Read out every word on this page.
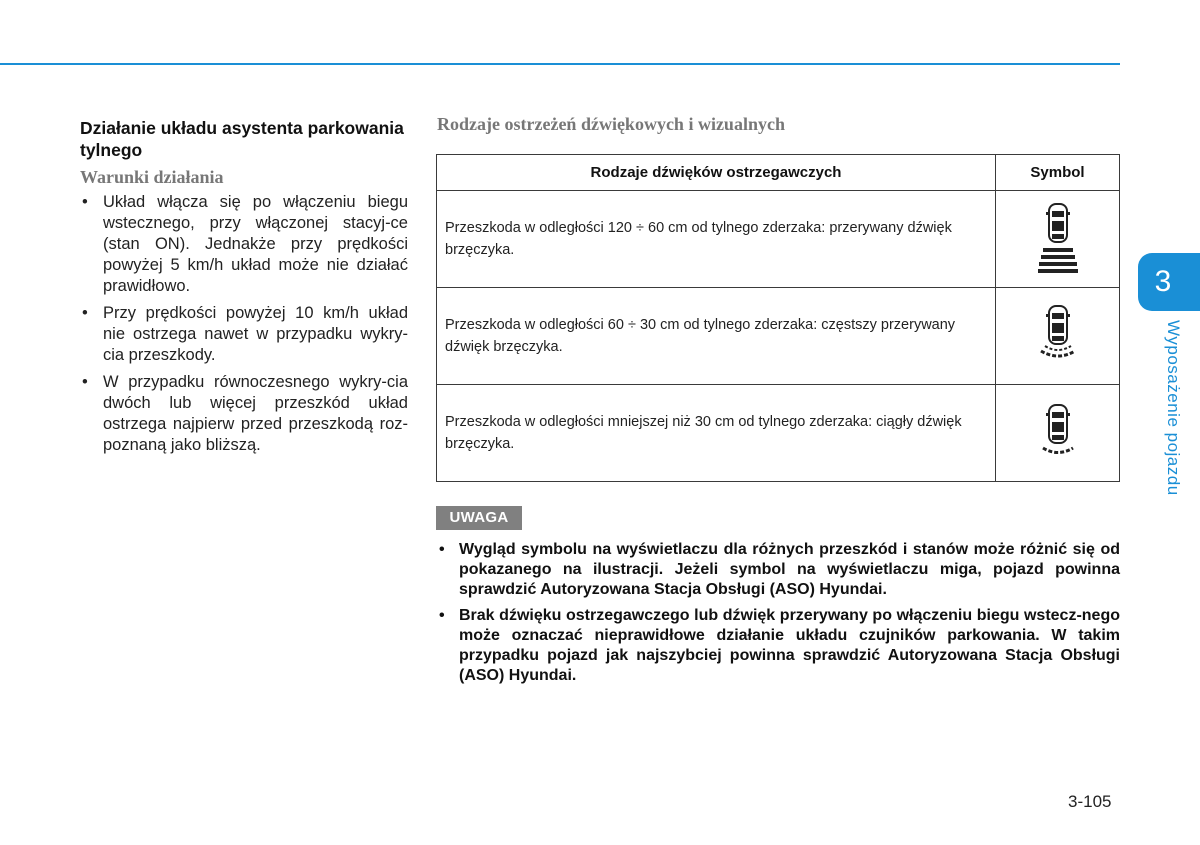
Działanie układu asystenta parkowania tylnego
Warunki działania
• Układ włącza się po włączeniu biegu wstecznego, przy włączonej stacyj-ce (stan ON). Jednakże przy prędkości powyżej 5 km/h układ może nie działać prawidłowo.
• Przy prędkości powyżej 10 km/h układ nie ostrzega nawet w przypadku wykry-cia przeszkody.
• W przypadku równoczesnego wykry-cia dwóch lub więcej przeszkód układ ostrzega najpierw przed przeszkodą roz-poznaną jako bliższą.
Rodzaje ostrzeżeń dźwiękowych i wizualnych
Rodzaje dźwięków ostrzegawczych	Symbol
Przeszkoda w odległości 120 ÷ 60 cm od tylnego zderzaka: przerywany dźwięk brzęczyka.	
Przeszkoda w odległości 60 ÷ 30 cm od tylnego zderzaka: częstszy przerywany dźwięk brzęczyka.	
Przeszkoda w odległości mniejszej niż 30 cm od tylnego zderzaka: ciągły dźwięk brzęczyka.	
UWAGA
• Wygląd symbolu na wyświetlaczu dla różnych przeszkód i stanów może różnić się od pokazanego na ilustracji. Jeżeli symbol na wyświetlaczu miga, pojazd powinna sprawdzić Autoryzowana Stacja Obsługi (ASO) Hyundai.
• Brak dźwięku ostrzegawczego lub dźwięk przerywany po włączeniu biegu wstecz-nego może oznaczać nieprawidłowe działanie układu czujników parkowania. W takim przypadku pojazd jak najszybciej powinna sprawdzić Autoryzowana Stacja Obsługi (ASO) Hyundai.
3
Wyposażenie pojazdu
3-105
